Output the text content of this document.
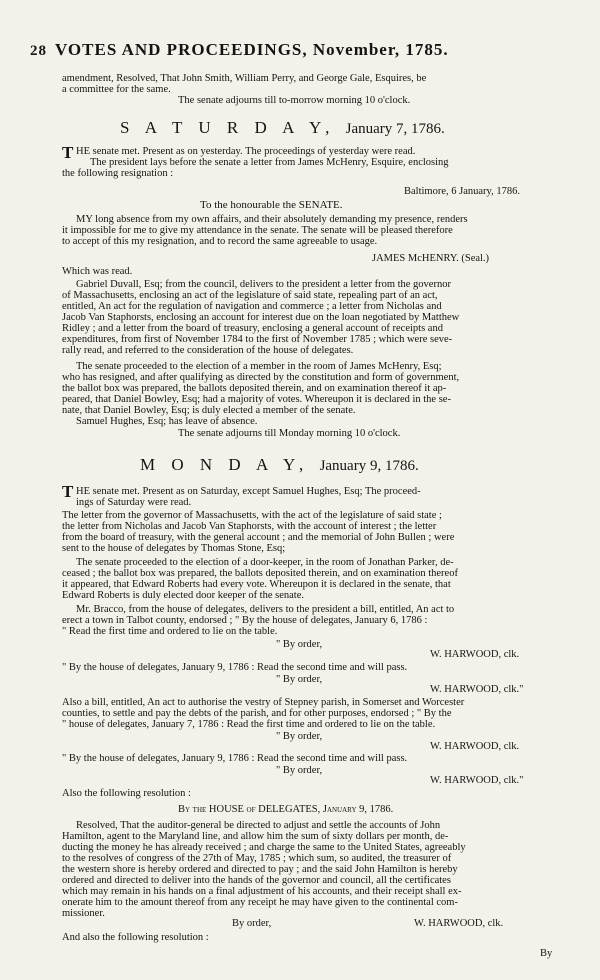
28 VOTES AND PROCEEDINGS, November, 1785.
amendment, Resolved, That John Smith, William Perry, and George Gale, Esquires, be
a committee for the same.
The senate adjourns till to-morrow morning 10 o'clock.
S A T U R D A Y, January 7, 1786.
T HE senate met. Present as on yesterday. The proceedings of yesterday were read.
The president lays before the senate a letter from James McHenry, Esquire, enclosing
the following resignation :
Baltimore, 6 January, 1786.
To the honourable the SENATE.
MY long absence from my own affairs, and their absolutely demanding my presence, renders
it impossible for me to give my attendance in the senate. The senate will be pleased therefore
to accept of this my resignation, and to record the same agreeable to usage.
JAMES McHENRY. (Seal.)
Which was read.
Gabriel Duvall, Esq; from the council, delivers to the president a letter from the governor
of Massachusetts, enclosing an act of the legislature of said state, repealing part of an act,
entitled, An act for the regulation of navigation and commerce ; a letter from Nicholas and
Jacob Van Staphorsts, enclosing an account for interest due on the loan negotiated by Matthew
Ridley ; and a letter from the board of treasury, enclosing a general account of receipts and
expenditures, from first of November 1784 to the first of November 1785 ; which were seve-
rally read, and referred to the consideration of the house of delegates.
The senate proceeded to the election of a member in the room of James McHenry, Esq;
who has resigned, and after qualifying as directed by the constitution and form of government,
the ballot box was prepared, the ballots deposited therein, and on examination thereof it ap-
peared, that Daniel Bowley, Esq; had a majority of votes. Whereupon it is declared in the se-
nate, that Daniel Bowley, Esq; is duly elected a member of the senate.
Samuel Hughes, Esq; has leave of absence.
The senate adjourns till Monday morning 10 o'clock.
M O N D A Y, January 9, 1786.
T HE senate met. Present as on Saturday, except Samuel Hughes, Esq; The proceed-
ings of Saturday were read.
The letter from the governor of Massachusetts, with the act of the legislature of said state ;
the letter from Nicholas and Jacob Van Staphorsts, with the account of interest ; the letter
from the board of treasury, with the general account ; and the memorial of John Bullen ; were
sent to the house of delegates by Thomas Stone, Esq;
The senate proceeded to the election of a door-keeper, in the room of Jonathan Parker, de-
ceased ; the ballot box was prepared, the ballots deposited therein, and on examination thereof
it appeared, that Edward Roberts had every vote. Whereupon it is declared in the senate, that
Edward Roberts is duly elected door keeper of the senate.
Mr. Bracco, from the house of delegates, delivers to the president a bill, entitled, An act to
erect a town in Talbot county, endorsed ; " By the house of delegates, January 6, 1786 :
" Read the first time and ordered to lie on the table.
" By order,
W. HARWOOD, clk.
" By the house of delegates, January 9, 1786 : Read the second time and will pass.
" By order,
W. HARWOOD, clk."
Also a bill, entitled, An act to authorise the vestry of Stepney parish, in Somerset and Worcester
counties, to settle and pay the debts of the parish, and for other purposes, endorsed ; " By the
" house of delegates, January 7, 1786 : Read the first time and ordered to lie on the table.
" By order,
W. HARWOOD, clk.
" By the house of delegates, January 9, 1786 : Read the second time and will pass.
" By order,
W. HARWOOD, clk."
Also the following resolution :
By the HOUSE of DELEGATES, January 9, 1786.
Resolved, That the auditor-general be directed to adjust and settle the accounts of John
Hamilton, agent to the Maryland line, and allow him the sum of sixty dollars per month, de-
ducting the money he has already received ; and charge the same to the United States, agreeably
to the resolves of congress of the 27th of May, 1785 ; which sum, so audited, the treasurer of
the western shore is hereby ordered and directed to pay ; and the said John Hamilton is hereby
ordered and directed to deliver into the hands of the governor and council, all the certificates
which may remain in his hands on a final adjustment of his accounts, and their receipt shall ex-
onerate him to the amount thereof from any receipt he may have given to the continental com-
missioner.
By order,	W. HARWOOD, clk.
And also the following resolution :
By
